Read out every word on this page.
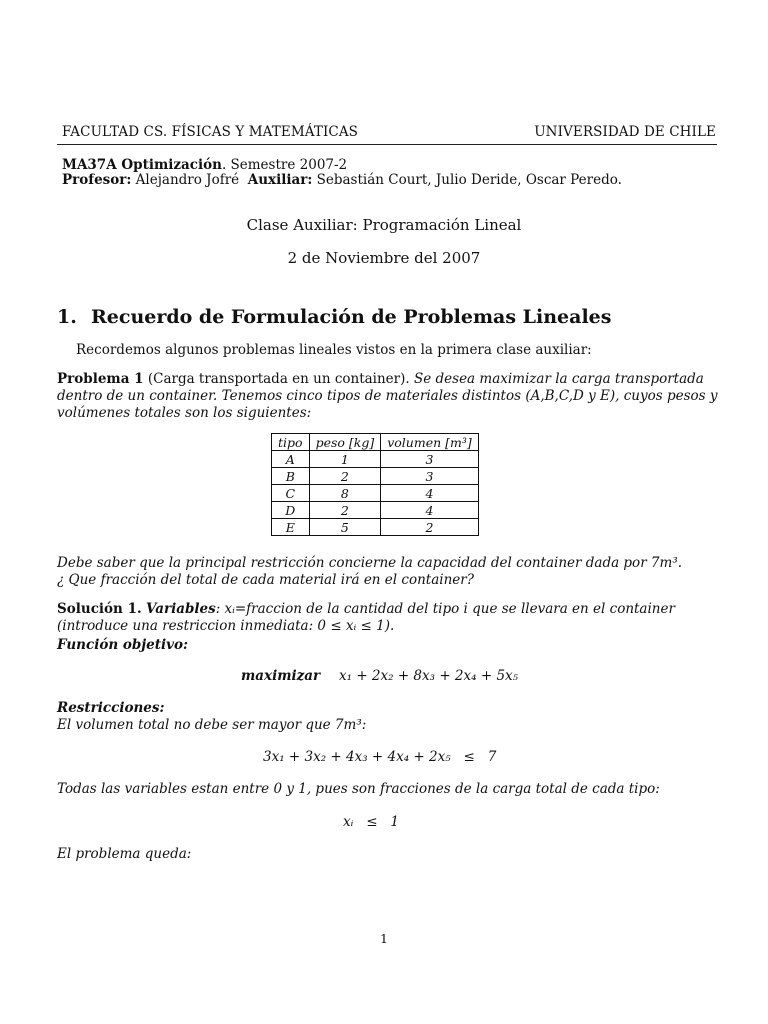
FACULTAD CS. FÍSICAS Y MATEMÁTICAS	UNIVERSIDAD DE CHILE
MA37A Optimización. Semestre 2007-2
Profesor: Alejandro Jofré Auxiliar: Sebastián Court, Julio Deride, Oscar Peredo.
Clase Auxiliar: Programación Lineal
2 de Noviembre del 2007
1. Recuerdo de Formulación de Problemas Lineales
Recordemos algunos problemas lineales vistos en la primera clase auxiliar:
Problema 1 (Carga transportada en un container). Se desea maximizar la carga transportada dentro de un container. Tenemos cinco tipos de materiales distintos (A,B,C,D y E), cuyos pesos y volúmenes totales son los siguientes:
tipo	peso [kg]	volumen [m³]
A	1	3
B	2	3
C	8	4
D	2	4
E	5	2
Debe saber que la principal restricción concierne la capacidad del container dada por 7m³.
¿ Que fracción del total de cada material irá en el container?
Solución 1. Variables: xᵢ=fraccion de la cantidad del tipo i que se llevara en el container (introduce una restriccion inmediata: 0 ≤ xᵢ ≤ 1).
Función objetivo:
maximizar x₁ + 2x₂ + 8x₃ + 2x₄ + 5x₅
Restricciones:
El volumen total no debe ser mayor que 7m³:
3x₁ + 3x₂ + 4x₃ + 4x₄ + 2x₅   ≤   7
Todas las variables estan entre 0 y 1, pues son fracciones de la carga total de cada tipo:
xᵢ   ≤   1
El problema queda:
1
